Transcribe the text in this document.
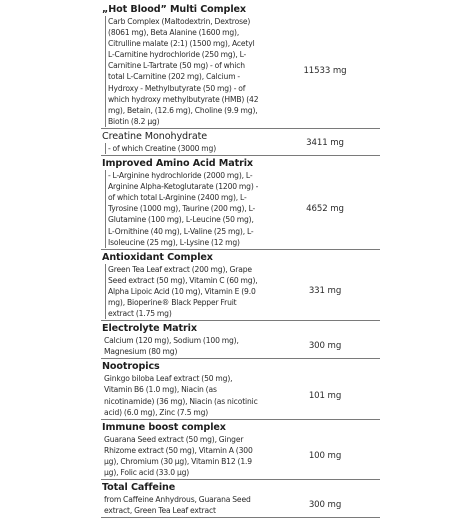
„Hot Blood” Multi Complex
Carb Complex (Maltodextrin, Dextrose) (8061 mg), Beta Alanine (1600 mg), Citrulline malate (2:1) (1500 mg), Acetyl L-Carnitine hydrochloride (250 mg), L-Carnitine L-Tartrate (50 mg) - of which total L-Carnitine (202 mg), Calcium -Hydroxy - Methylbutyrate (50 mg) - of which hydroxy methylbutyrate (HMB) (42 mg), Betain, (12.6 mg), Choline (9.9 mg), Biotin (8.2 µg)
11533 mg
Creatine Monohydrate
- of which Creatine (3000 mg)
3411 mg
Improved Amino Acid Matrix
- L-Arginine hydrochloride (2000 mg), L-Arginine Alpha-Ketoglutarate (1200 mg) - of which total L-Arginine (2400 mg), L-Tyrosine (1000 mg), Taurine (200 mg), L-Glutamine (100 mg), L-Leucine (50 mg), L-Ornithine (40 mg), L-Valine (25 mg), L-Isoleucine (25 mg), L-Lysine (12 mg)
4652 mg
Antioxidant Complex
Green Tea Leaf extract (200 mg), Grape Seed extract (50 mg), Vitamin C (60 mg), Alpha Lipoic Acid (10 mg), Vitamin E (9.0 mg), Bioperine® Black Pepper Fruit extract (1.75 mg)
331 mg
Electrolyte Matrix
Calcium (120 mg), Sodium (100 mg), Magnesium (80 mg)
300 mg
Nootropics
Ginkgo biloba Leaf extract (50 mg), Vitamin B6 (1.0 mg), Niacin (as nicotinamide) (36 mg), Niacin (as nicotinic acid) (6.0 mg), Zinc (7.5 mg)
101 mg
Immune boost complex
Guarana Seed extract (50 mg), Ginger Rhizome extract (50 mg), Vitamin A (300 µg), Chromium (30 µg), Vitamin B12 (1.9 µg), Folic acid (33.0 µg)
100 mg
Total Caffeine
from Caffeine Anhydrous, Guarana Seed extract, Green Tea Leaf extract
300 mg
